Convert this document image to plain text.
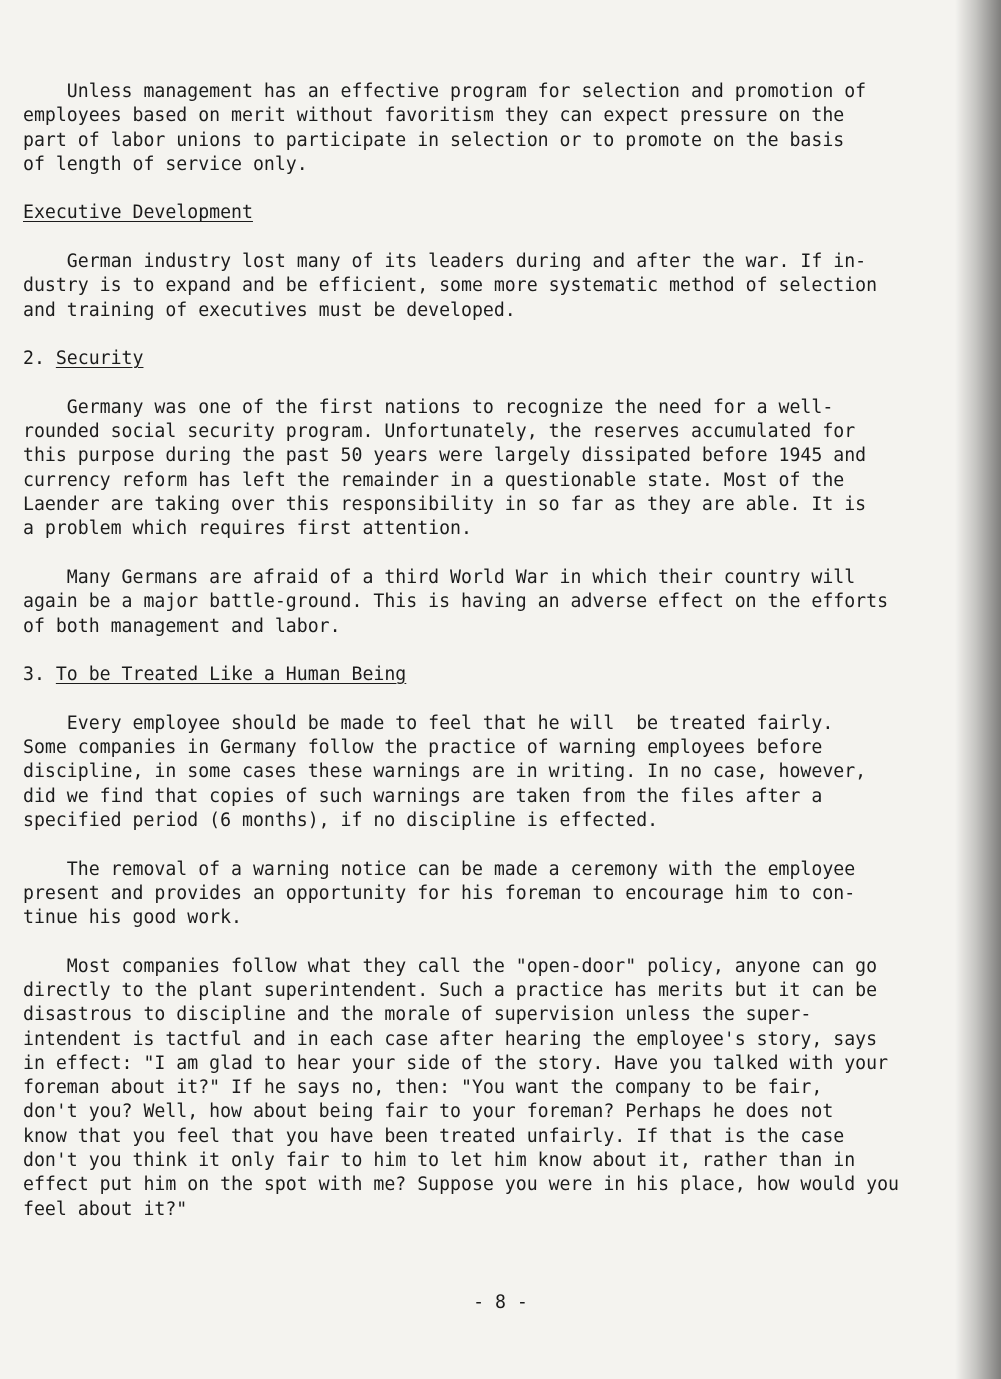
Unless management has an effective program for selection and promotion of
employees based on merit without favoritism they can expect pressure on the
part of labor unions to participate in selection or to promote on the basis
of length of service only.
Executive Development
German industry lost many of its leaders during and after the war. If in-
dustry is to expand and be efficient, some more systematic method of selection
and training of executives must be developed.
2. Security
Germany was one of the first nations to recognize the need for a well-
rounded social security program. Unfortunately, the reserves accumulated for
this purpose during the past 50 years were largely dissipated before 1945 and
currency reform has left the remainder in a questionable state. Most of the
Laender are taking over this responsibility in so far as they are able. It is
a problem which requires first attention.
Many Germans are afraid of a third World War in which their country will
again be a major battle-ground. This is having an adverse effect on the efforts
of both management and labor.
3. To be Treated Like a Human Being
Every employee should be made to feel that he will  be treated fairly.
Some companies in Germany follow the practice of warning employees before
discipline, in some cases these warnings are in writing. In no case, however,
did we find that copies of such warnings are taken from the files after a
specified period (6 months), if no discipline is effected.
The removal of a warning notice can be made a ceremony with the employee
present and provides an opportunity for his foreman to encourage him to con-
tinue his good work.
Most companies follow what they call the "open-door" policy, anyone can go
directly to the plant superintendent. Such a practice has merits but it can be
disastrous to discipline and the morale of supervision unless the super-
intendent is tactful and in each case after hearing the employee's story, says
in effect: "I am glad to hear your side of the story. Have you talked with your
foreman about it?" If he says no, then: "You want the company to be fair,
don't you? Well, how about being fair to your foreman? Perhaps he does not
know that you feel that you have been treated unfairly. If that is the case
don't you think it only fair to him to let him know about it, rather than in
effect put him on the spot with me? Suppose you were in his place, how would you
feel about it?"
- 8 -
